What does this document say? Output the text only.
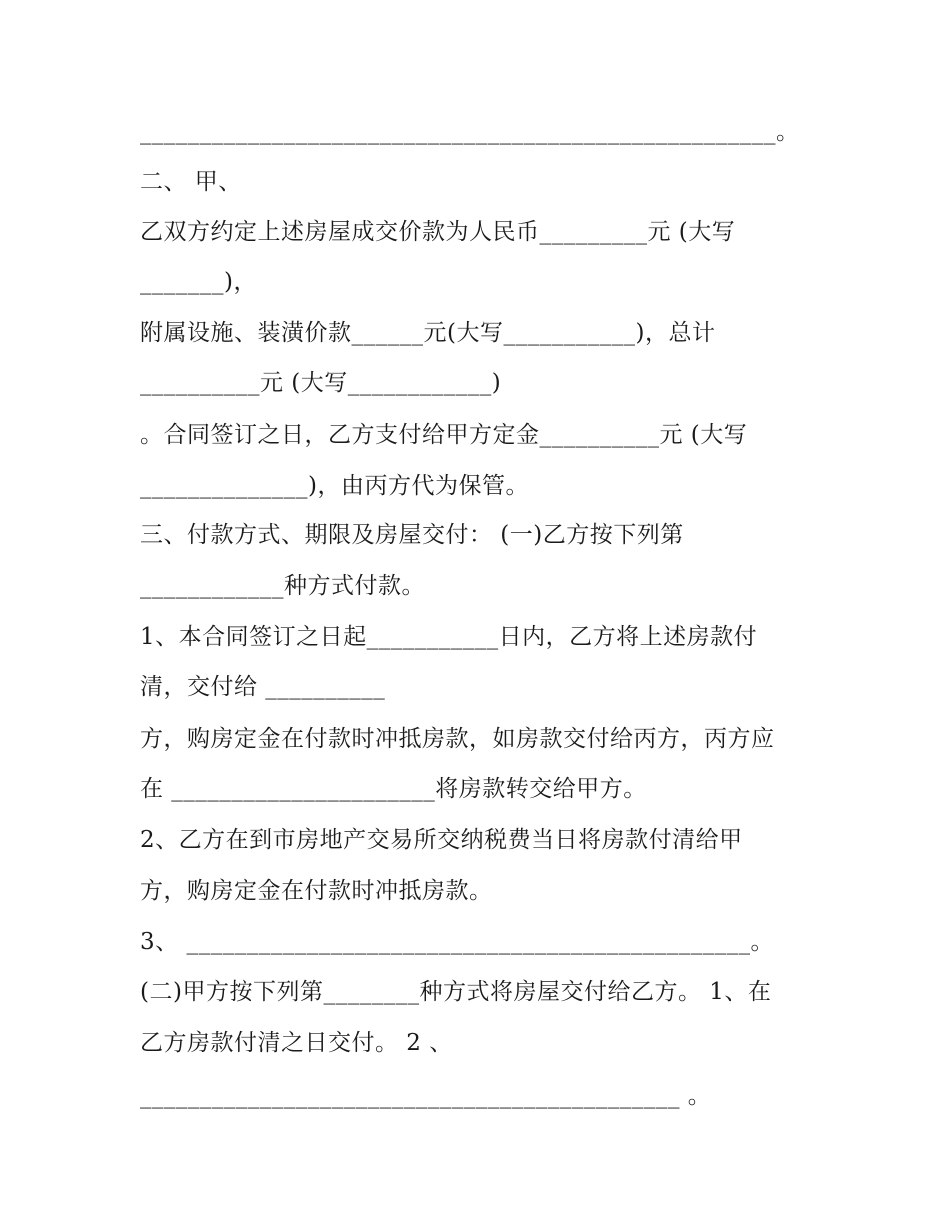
_____________________________________________________。
二、 甲、
乙双方约定上述房屋成交价款为人民币_________元 (大写
_______)，
附属设施、装潢价款______元(大写___________)，总计
__________元 (大写____________)
。合同签订之日，乙方支付给甲方定金__________元 (大写
______________)，由丙方代为保管。
三、付款方式、期限及房屋交付： (一)乙方按下列第
____________种方式付款。
1、本合同签订之日起___________日内，乙方将上述房款付
清，交付给 __________
方，购房定金在付款时冲抵房款，如房款交付给丙方，丙方应
在 ______________________将房款转交给甲方。
2、乙方在到市房地产交易所交纳税费当日将房款付清给甲
方，购房定金在付款时冲抵房款。
3、 _______________________________________________。
(二)甲方按下列第________种方式将房屋交付给乙方。 1、在
乙方房款付清之日交付。 2 、
_____________________________________________ 。
